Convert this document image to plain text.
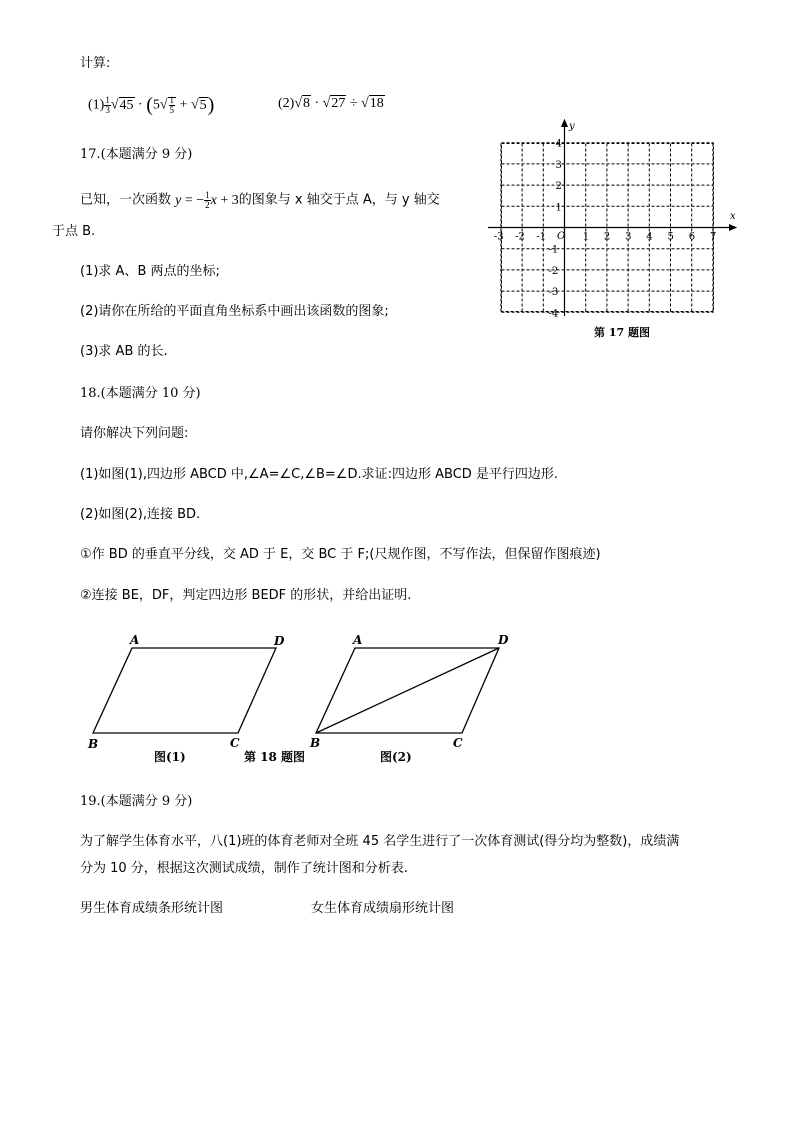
计算:
$(1) \frac{1}{3} √45 \cdot (5√ \frac{1}{5} + √5)$	(2)√8 · √27 ÷ √18
17.(本题满分 9 分)
已知，一次函数 y = − $\frac{1}{2}$ x + 3的图象与 x 轴交于点 A，与 y 轴交
于点 B.
(1)求 A、B 两点的坐标;
(2)请你在所给的平面直角坐标系中画出该函数的图象;
(3)求 AB 的长.
x
y
O
-3 -2 -1	1 2 3 4 5 6 7
4
3
2
1
-1
-2
-3
-4
第 17 题图
18.(本题满分 10 分)
请你解决下列问题:
(1)如图(1),四边形 ABCD 中,∠A=∠C,∠B=∠D.求证:四边形 ABCD 是平行四边形.
(2)如图(2),连接 BD.
①作 BD 的垂直平分线，交 AD 于 E，交 BC 于 F;(尺规作图，不写作法，但保留作图痕迹)
②连接 BE，DF，判定四边形 BEDF 的形状，并给出证明.
A	D
B	C
A	D
B	C
图(1)	第 18 题图	图(2)
19.(本题满分 9 分)
为了解学生体育水平，八(1)班的体育老师对全班 45 名学生进行了一次体育测试(得分均为整数)，成绩满
分为 10 分，根据这次测试成绩，制作了统计图和分析表.
男生体育成绩条形统计图	女生体育成绩扇形统计图
